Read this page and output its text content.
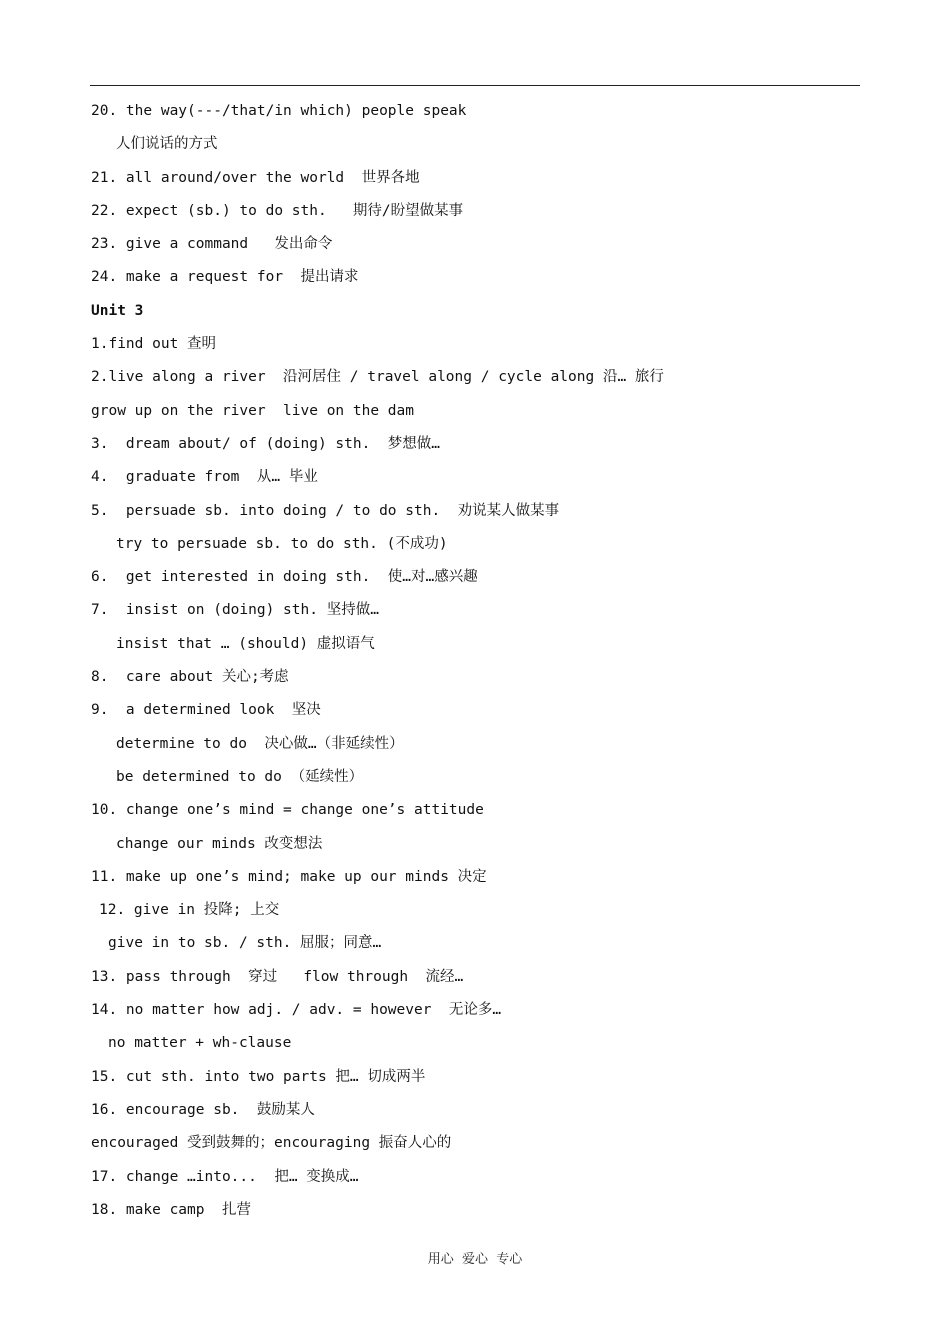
20. the way(---/that/in which) people speak
人们说话的方式
21. all around/over the world  世界各地
22. expect (sb.) to do sth.   期待/盼望做某事
23. give a command   发出命令
24. make a request for  提出请求
Unit 3
1.find out 查明
2.live along a river  沿河居住 / travel along / cycle along 沿… 旅行
grow up on the river  live on the dam
3.  dream about/ of (doing) sth.  梦想做…
4.  graduate from  从… 毕业
5.  persuade sb. into doing / to do sth.  劝说某人做某事
try to persuade sb. to do sth. (不成功)
6.  get interested in doing sth.  使…对…感兴趣
7.  insist on (doing) sth. 坚持做…
insist that … (should) 虚拟语气
8.  care about 关心;考虑
9.  a determined look  坚决
determine to do  决心做…（非延续性）
be determined to do （延续性）
10. change one’s mind = change one’s attitude
change our minds 改变想法
11. make up one’s mind; make up our minds 决定
12. give in 投降; 上交
give in to sb. / sth. 屈服；同意…
13. pass through  穿过   flow through  流经…
14. no matter how adj. / adv. = however  无论多…
no matter + wh-clause
15. cut sth. into two parts 把… 切成两半
16. encourage sb.  鼓励某人
encouraged 受到鼓舞的；encouraging 振奋人心的
17. change …into...  把… 变换成…
18. make camp  扎营
用心  爱心  专心
